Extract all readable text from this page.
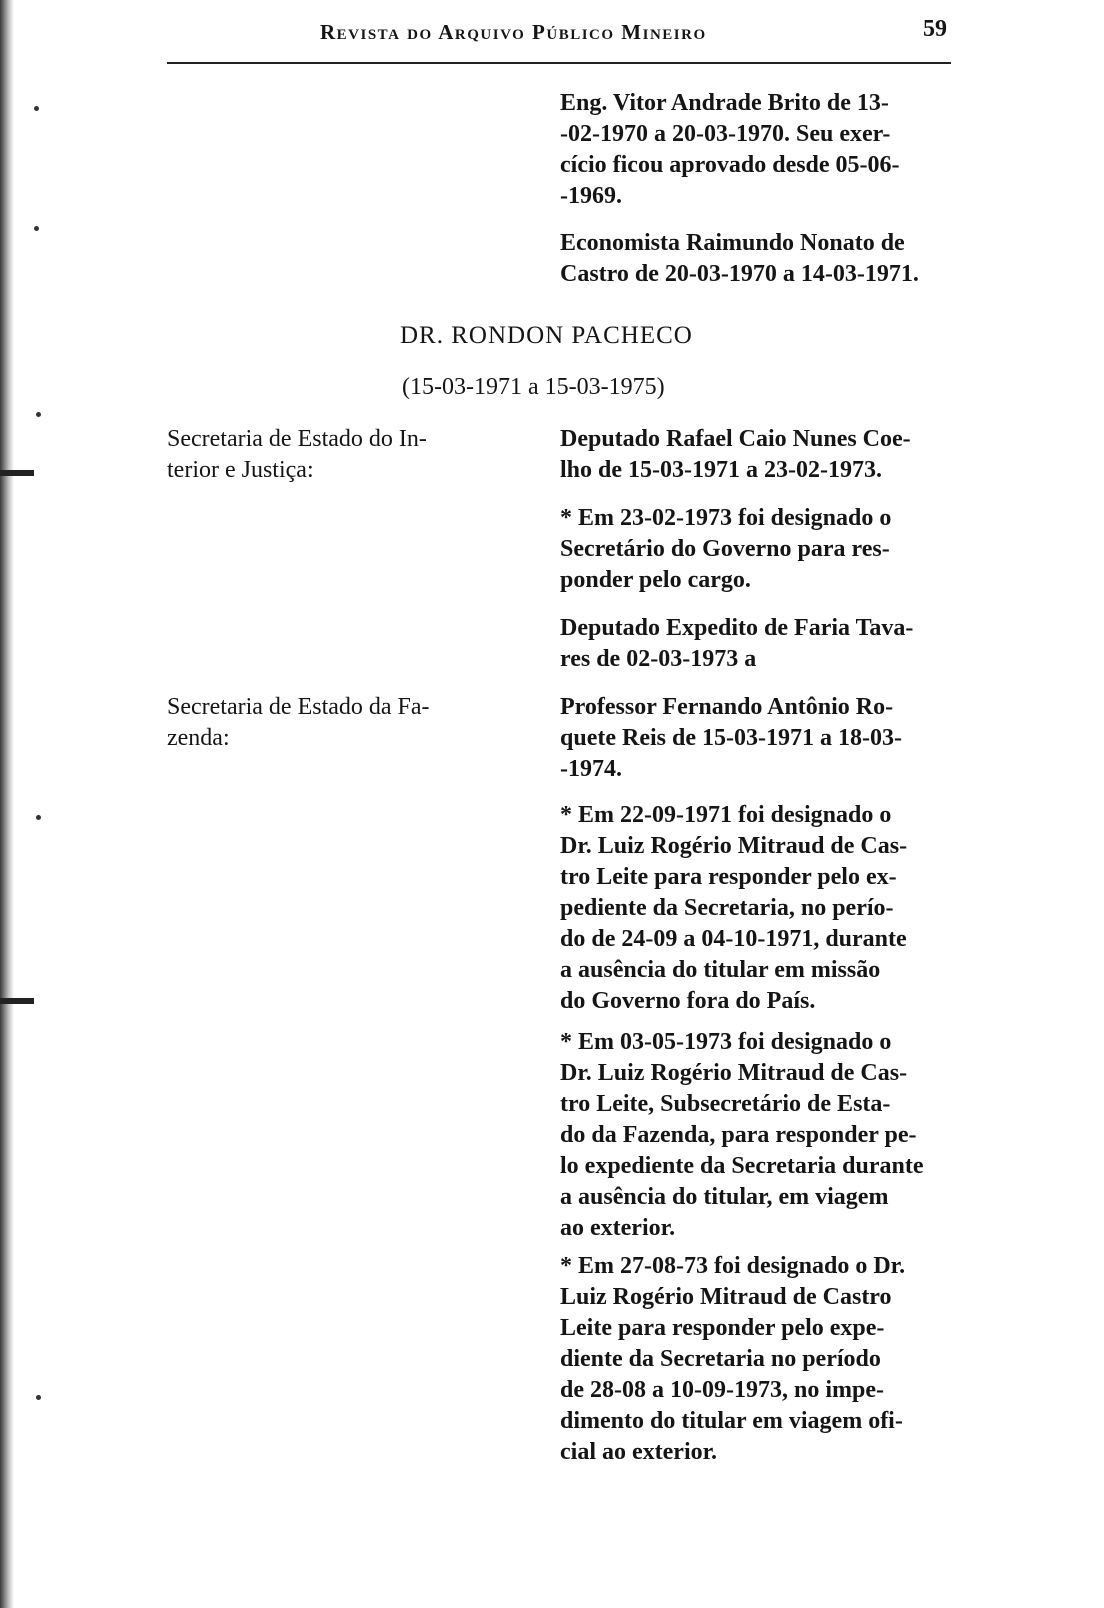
Revista do Arquivo Público Mineiro	59
Eng. Vitor Andrade Brito de 13-
-02-1970 a 20-03-1970. Seu exer-
cício ficou aprovado desde 05-06-
-1969.
Economista Raimundo Nonato de
Castro de 20-03-1970 a 14-03-1971.
DR. RONDON PACHECO
(15-03-1971 a 15-03-1975)
Secretaria de Estado do In-
terior e Justiça:
Deputado Rafael Caio Nunes Coe-
lho de 15-03-1971 a 23-02-1973.
* Em 23-02-1973 foi designado o
Secretário do Governo para res-
ponder pelo cargo.
Deputado Expedito de Faria Tava-
res de 02-03-1973 a
Secretaria de Estado da Fa-
zenda:
Professor Fernando Antônio Ro-
quete Reis de 15-03-1971 a 18-03-
-1974.
* Em 22-09-1971 foi designado o
Dr. Luiz Rogério Mitraud de Cas-
tro Leite para responder pelo ex-
pediente da Secretaria, no perío-
do de 24-09 a 04-10-1971, durante
a ausência do titular em missão
do Governo fora do País.
* Em 03-05-1973 foi designado o
Dr. Luiz Rogério Mitraud de Cas-
tro Leite, Subsecretário de Esta-
do da Fazenda, para responder pe-
lo expediente da Secretaria durante
a ausência do titular, em viagem
ao exterior.
* Em 27-08-73 foi designado o Dr.
Luiz Rogério Mitraud de Castro
Leite para responder pelo expe-
diente da Secretaria no período
de 28-08 a 10-09-1973, no impe-
dimento do titular em viagem ofi-
cial ao exterior.
